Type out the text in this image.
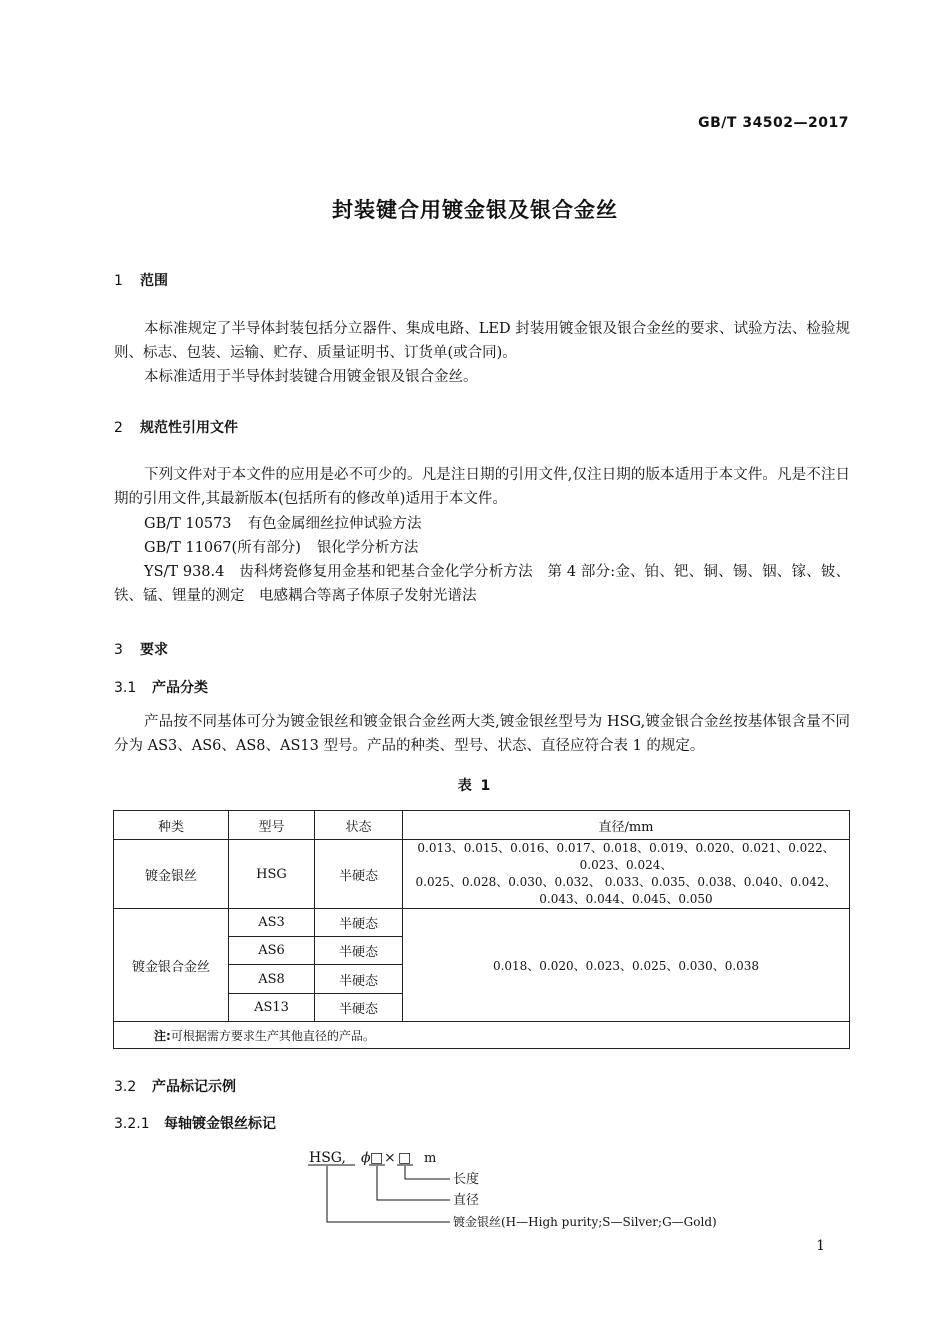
GB/T 34502—2017
封装键合用镀金银及银合金丝
1 范围
本标准规定了半导体封装包括分立器件、集成电路、LED 封装用镀金银及银合金丝的要求、试验方法、检验规则、标志、包装、运输、贮存、质量证明书、订货单(或合同)。
本标准适用于半导体封装键合用镀金银及银合金丝。
2 规范性引用文件
下列文件对于本文件的应用是必不可少的。凡是注日期的引用文件,仅注日期的版本适用于本文件。凡是不注日期的引用文件,其最新版本(包括所有的修改单)适用于本文件。
GB/T 10573 有色金属细丝拉伸试验方法
GB/T 11067(所有部分) 银化学分析方法
YS/T 938.4　齿科烤瓷修复用金基和钯基合金化学分析方法　第 4 部分:金、铂、钯、铜、锡、铟、镓、铍、铁、锰、锂量的测定　电感耦合等离子体原子发射光谱法
3 要求
3.1 产品分类
产品按不同基体可分为镀金银丝和镀金银合金丝两大类,镀金银丝型号为 HSG,镀金银合金丝按基体银含量不同分为 AS3、AS6、AS8、AS13 型号。产品的种类、型号、状态、直径应符合表 1 的规定。
表 1
种类	型号	状态	直径/mm
镀金银丝	HSG	半硬态	0.013、0.015、0.016、0.017、0.018、0.019、0.020、0.021、0.022、0.023、0.024、
0.025、0.028、0.030、0.032、 0.033、0.035、0.038、0.040、0.042、
0.043、0.044、0.045、0.050

镀金银合金丝	AS3	半硬态	0.018、0.020、0.023、0.025、0.030、0.038
	AS6	半硬态	
	AS8	半硬态	
	AS13	半硬态	
注:可根据需方要求生产其他直径的产品。			
3.2 产品标记示例
3.2.1 每轴镀金银丝标记
HSG, ϕ □ × □ m
长度
直径
镀金银丝(H—High purity;S—Silver;G—Gold)
1
